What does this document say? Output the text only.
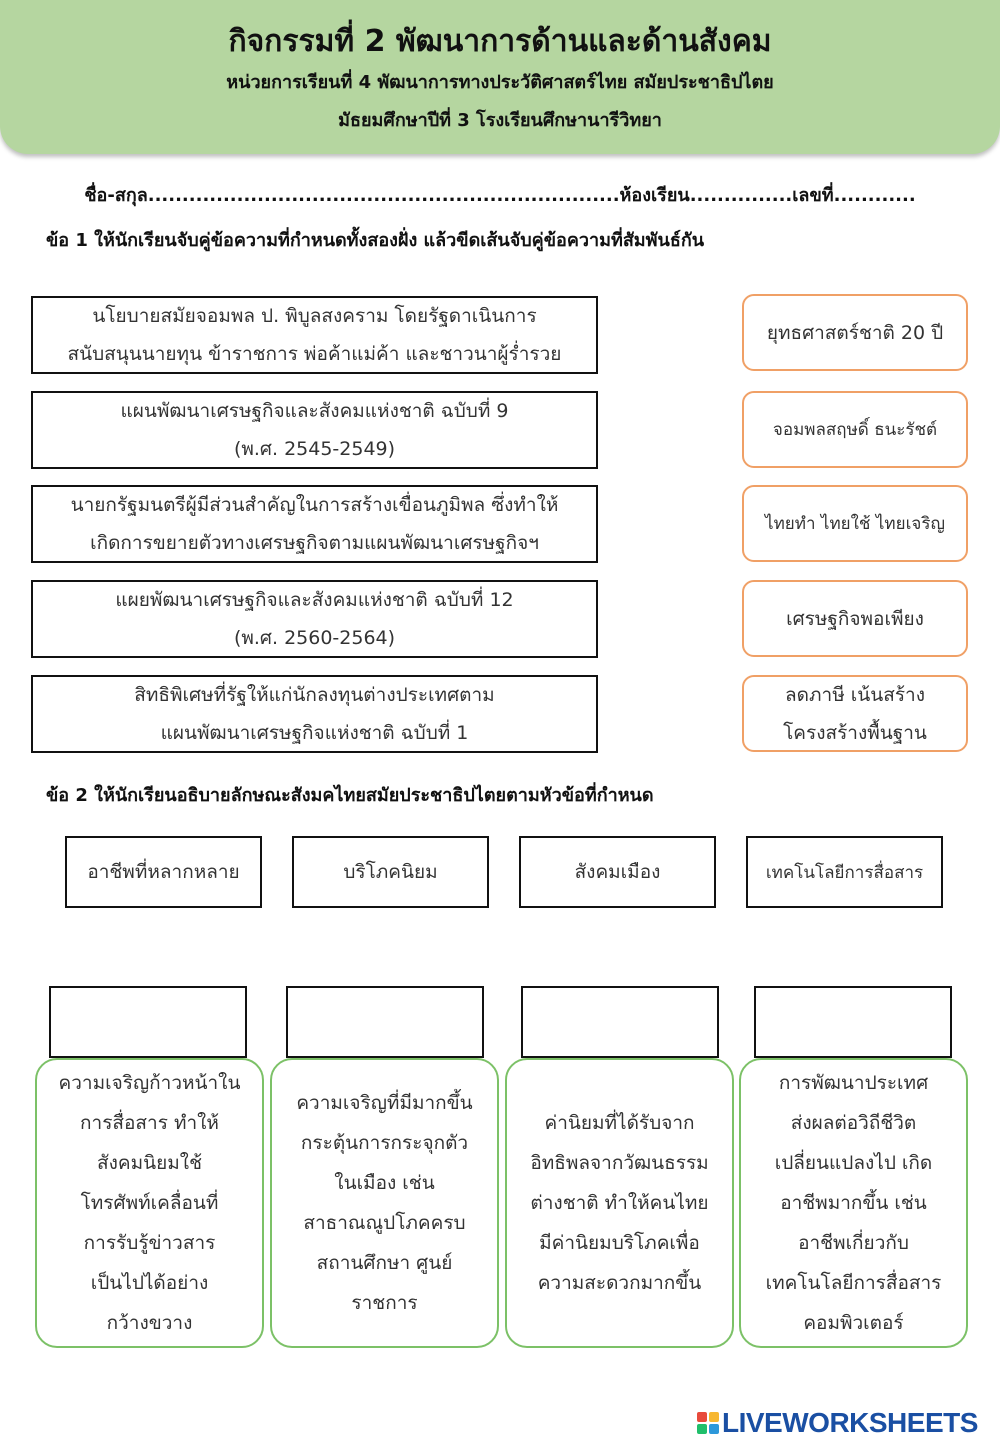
กิจกรรมที่ 2 พัฒนาการด้านและด้านสังคม
หน่วยการเรียนที่ 4 พัฒนาการทางประวัติศาสตร์ไทย สมัยประชาธิปไตย
มัธยมศึกษาปีที่ 3 โรงเรียนศึกษานารีวิทยา
ชื่อ-สกุล.....................................................................ห้องเรียน...............เลขที่............
ข้อ 1 ให้นักเรียนจับคู่ข้อความที่กำหนดทั้งสองฝั่ง แล้วขีดเส้นจับคู่ข้อความที่สัมพันธ์กัน
นโยบายสมัยจอมพล ป. พิบูลสงคราม โดยรัฐดาเนินการ
สนับสนุนนายทุน ข้าราชการ พ่อค้าแม่ค้า และชาวนาผู้ร่ำรวย
แผนพัฒนาเศรษฐกิจและสังคมแห่งชาติ ฉบับที่ 9
(พ.ศ. 2545-2549)
นายกรัฐมนตรีผู้มีส่วนสำคัญในการสร้างเขื่อนภูมิพล ซึ่งทำให้
เกิดการขยายตัวทางเศรษฐกิจตามแผนพัฒนาเศรษฐกิจฯ
แผยพัฒนาเศรษฐกิจและสังคมแห่งชาติ ฉบับที่ 12
(พ.ศ. 2560-2564)
สิทธิพิเศษที่รัฐให้แก่นักลงทุนต่างประเทศตาม
แผนพัฒนาเศรษฐกิจแห่งชาติ ฉบับที่ 1
ยุทธศาสตร์ชาติ 20 ปี
จอมพลสฤษดิ์ ธนะรัชต์
ไทยทำ ไทยใช้ ไทยเจริญ
เศรษฐกิจพอเพียง
ลดภาษี เน้นสร้าง
โครงสร้างพื้นฐาน
ข้อ 2 ให้นักเรียนอธิบายลักษณะสังมคไทยสมัยประชาธิปไตยตามหัวข้อที่กำหนด
อาชีพที่หลากหลาย	บริโภคนิยม	สังคมเมือง	เทคโนโลยีการสื่อสาร
ความเจริญก้าวหน้าใน
การสื่อสาร ทำให้
สังคมนิยมใช้
โทรศัพท์เคลื่อนที่
การรับรู้ข่าวสาร
เป็นไปได้อย่าง
กว้างขวาง
ความเจริญที่มีมากขึ้น
กระตุ้นการกระจุกตัว
ในเมือง เช่น
สาธาณณูปโภคครบ
สถานศึกษา ศูนย์
ราชการ
ค่านิยมที่ได้รับจาก
อิทธิพลจากวัฒนธรรม
ต่างชาติ ทำให้คนไทย
มีค่านิยมบริโภคเพื่อ
ความสะดวกมากขึ้น
การพัฒนาประเทศ
ส่งผลต่อวิถีชีวิต
เปลี่ยนแปลงไป เกิด
อาชีพมากขึ้น เช่น
อาชีพเกี่ยวกับ
เทคโนโลยีการสื่อสาร
คอมพิวเตอร์
LIVEWORKSHEETS
